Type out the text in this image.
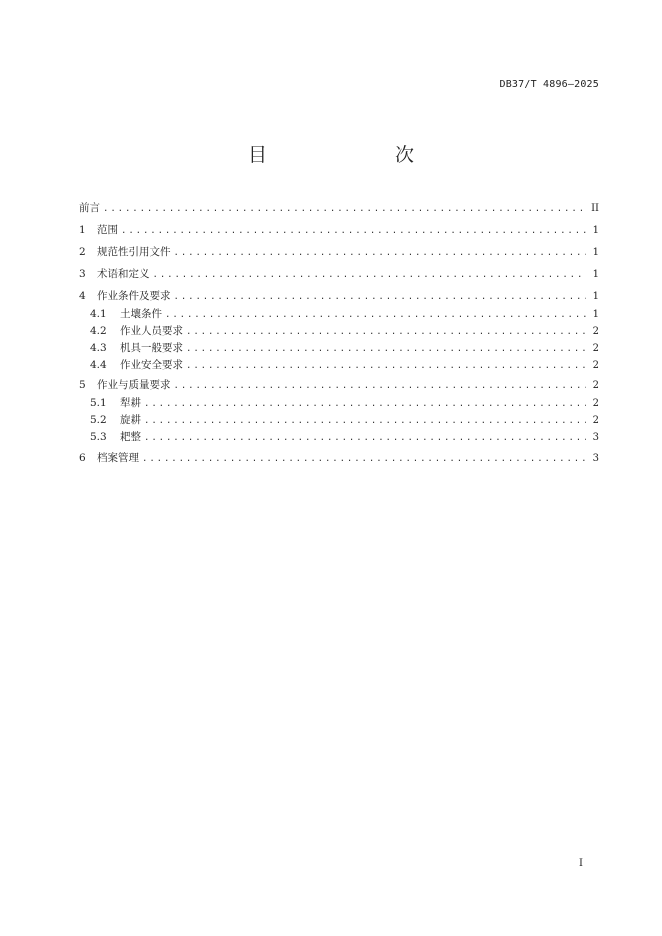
DB37/T 4896—2025
目　　次
前言 .....	II
1	范围 .....	1
2	规范性引用文件 .....	1
3	术语和定义 .....	1
4	作业条件及要求 .....	1
4.1	土壤条件 .....	1
4.2	作业人员要求 .....	2
4.3	机具一般要求 .....	2
4.4	作业安全要求 .....	2
5	作业与质量要求 .....	2
5.1	犁耕 .....	2
5.2	旋耕 .....	2
5.3	耙整 .....	3
6	档案管理 .....	3
I
